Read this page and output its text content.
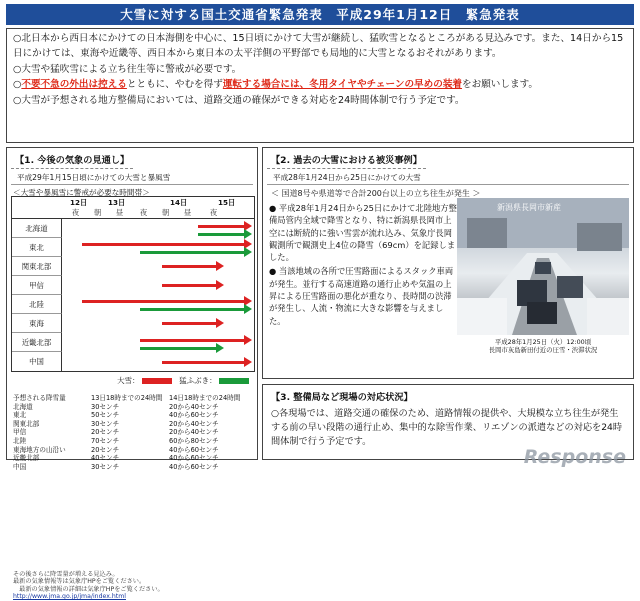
大雪に対する国土交通省緊急発表　平成29年1月12日　緊急発表

○北日本から西日本にかけての日本海側を中心に、15日頃にかけて大雪が継続し、猛吹雪となるところがある見込みです。また、14日から15日にかけては、東海や近畿等、西日本から東日本の太平洋側の平野部でも局地的に大雪となるおそれがあります。

○大雪や猛吹雪による立ち往生等に警戒が必要です。

○不要不急の外出は控えるとともに、やむを得ず運転する場合には、冬用タイヤやチェーンの早めの装着をお願いします。

○大雪が予想される地方整備局においては、道路交通の確保ができる対応を24時間体制で行う予定です。

【1. 今後の気象の見通し】
平成29年1月15日頃にかけての大雪と暴風雪
＜大雪や暴風雪に警戒が必要な時間帯＞
12日	13日	14日	15日
夜 朝 昼 夜 朝 昼	夜
北海道
東北
関東北部
甲信
北陸
東海
近畿北部
中国
大雪：	猛ふぶき：
予想される降雪量	13日18時までの24時間	14日18時までの24時間
北海道	30センチ	20から40センチ
東北	50センチ	40から60センチ
関東北部	30センチ	20から40センチ
甲信	20センチ	20から40センチ
北陸	70センチ	60から80センチ
東海地方の山沿い	20センチ	40から60センチ
近畿北部	40センチ	40から60センチ
中国	30センチ	40から60センチ
その後さらに降雪量が増える見込み。
最新の気象情報等は気象庁HPをご覧ください。
　最新の気象情報の詳細は気象庁HPをご覧ください。
http://www.jma.go.jp/jma/index.html
【2. 過去の大雪における被災事例】
平成28年1月24日から25日にかけての大雪
＜ 国道8号や県道等で合計200台以上の立ち往生が発生 ＞
● 平成28年1月24日から25日にかけて北陸地方整備局管内全域で降雪となり、特に新潟県長岡市上空には断続的に強い雪雲が流れ込み、気象庁長岡観測所で観測史上4位の降雪（69cm）を記録しました。
● 当該地域の各所で圧雪路面によるスタック車両が発生。並行する高速道路の通行止めや気温の上昇による圧雪路面の悪化が重なり、長時間の渋滞が発生し、人流・物流に大きな影響を与えました。
新潟県長岡市新産
平成28年1月25日（火）12:00頃
長岡市灰島新田付近の圧雪・渋滞状況
【3. 整備局など現場の対応状況】
○各現場では、道路交通の確保のため、道路情報の提供や、大規模な立ち往生が発生する前の早い段階の通行止め、集中的な除雪作業、リエゾンの派遣などの対応を24時間体制で行う予定です。
Response
